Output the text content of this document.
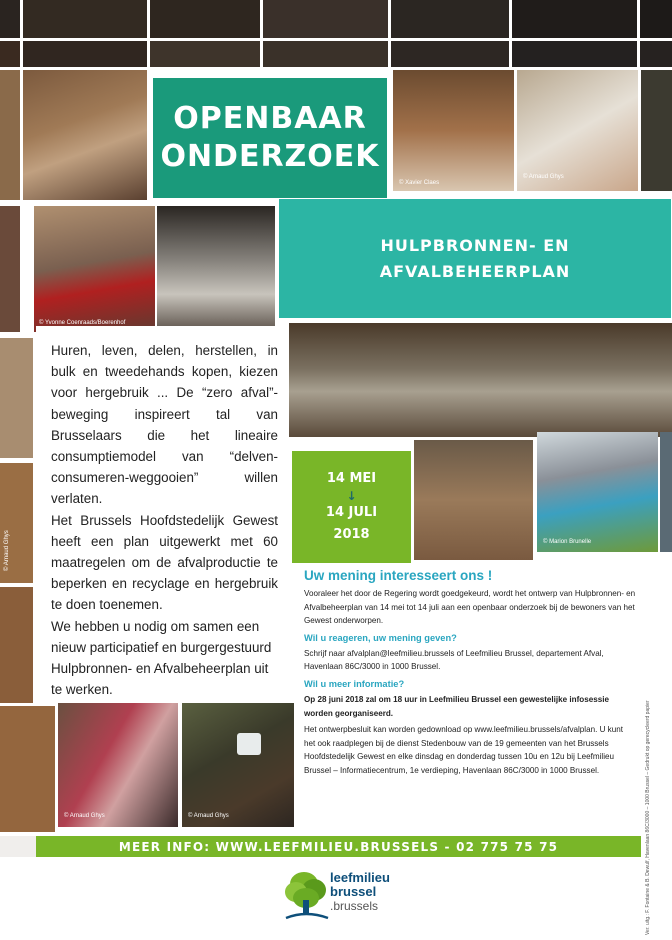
© Xavier Claes
© Arnaud Ghys
© Yvonne Coenraads/Boerenhof
© Arnaud Ghys	© Marion Brunelle
© Arnaud Ghys	© Arnaud Ghys
OPENBAAR
ONDERZOEK
HULPBRONNEN- EN
AFVALBEHEERPLAN

Huren, leven, delen, herstellen, in bulk en tweedehands kopen, kiezen voor hergebruik ... De “zero afval”-beweging inspireert tal van Brusselaars die het lineaire consumptiemodel van “delven-consumeren-weggooien” willen verlaten.

Het Brussels Hoofdstedelijk Gewest heeft een plan uitgewerkt met 60 maatregelen om de afvalproductie te beperken en recyclage en hergebruik te doen toenemen.

We hebben u nodig om samen een nieuw participatief en burgergestuurd Hulpbronnen- en Afvalbeheerplan uit te werken.

14 MEI
↓
14 JULI
2018
Uw mening interesseert ons !

Vooraleer het door de Regering wordt goedgekeurd, wordt het ontwerp van Hulpbronnen- en Afvalbeheerplan van 14 mei tot 14 juli aan een openbaar onderzoek bij de bewoners van het Gewest onderworpen.

Wil u reageren, uw mening geven?

Schrijf naar afvalplan@leefmilieu.brussels of Leefmilieu Brussel, departement Afval, Havenlaan 86C/3000 in 1000 Brussel.

Wil u meer informatie?

Op 28 juni 2018 zal om 18 uur in Leefmilieu Brussel een gewestelijke infosessie worden georganiseerd.

Het ontwerpbesluit kan worden gedownload op www.leefmilieu.brussels/afvalplan. U kunt het ook raadplegen bij de dienst Stedenbouw van de 19 gemeenten van het Brussels Hoofdstedelijk Gewest en elke dinsdag en donderdag tussen 10u en 12u bij Leefmilieu Brussel – Informatiecentrum, 1e verdieping, Havenlaan 86C/3000 in 1000 Brussel.

MEER INFO: WWW.LEEFMILIEU.BRUSSELS - 02 775 75 75
leefmilieu
brussel
.brussels	Ver. uitg.: F. Fontaine & B. Dewulf, Havenlaan 86C/3000 – 1000 Brussel – Gedrukt op gerecycleerd papier
